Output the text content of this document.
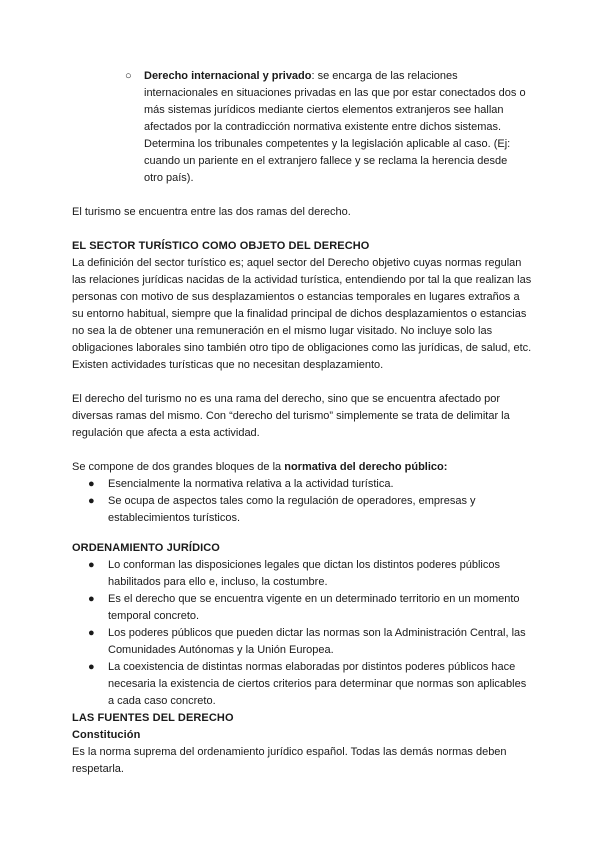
○ Derecho internacional y privado: se encarga de las relaciones internacionales en situaciones privadas en las que por estar conectados dos o más sistemas jurídicos mediante ciertos elementos extranjeros see hallan afectados por la contradicción normativa existente entre dichos sistemas. Determina los tribunales competentes y la legislación aplicable al caso. (Ej: cuando un pariente en el extranjero fallece y se reclama la herencia desde otro país).

El turismo se encuentra entre las dos ramas del derecho.

EL SECTOR TURÍSTICO COMO OBJETO DEL DERECHO

La definición del sector turístico es; aquel sector del Derecho objetivo cuyas normas regulan las relaciones jurídicas nacidas de la actividad turística, entendiendo por tal la que realizan las personas con motivo de sus desplazamientos o estancias temporales en lugares extraños a su entorno habitual, siempre que la finalidad principal de dichos desplazamientos o estancias no sea la de obtener una remuneración en el mismo lugar visitado. No incluye solo las obligaciones laborales sino también otro tipo de obligaciones como las jurídicas, de salud, etc. Existen actividades turísticas que no necesitan desplazamiento.

El derecho del turismo no es una rama del derecho, sino que se encuentra afectado por diversas ramas del mismo. Con “derecho del turismo” simplemente se trata de delimitar la regulación que afecta a esta actividad.

Se compone de dos grandes bloques de la normativa del derecho público:

● Esencialmente la normativa relativa a la actividad turística.
● Se ocupa de aspectos tales como la regulación de operadores, empresas y establecimientos turísticos.

ORDENAMIENTO JURÍDICO

● Lo conforman las disposiciones legales que dictan los distintos poderes públicos habilitados para ello e, incluso, la costumbre.
● Es el derecho que se encuentra vigente en un determinado territorio en un momento temporal concreto.
● Los poderes públicos que pueden dictar las normas son la Administración Central, las Comunidades Autónomas y la Unión Europea.
● La coexistencia de distintas normas elaboradas por distintos poderes públicos hace necesaria la existencia de ciertos criterios para determinar que normas son aplicables a cada caso concreto.

LAS FUENTES DEL DERECHO

Constitución

Es la norma suprema del ordenamiento jurídico español. Todas las demás normas deben respetarla.
